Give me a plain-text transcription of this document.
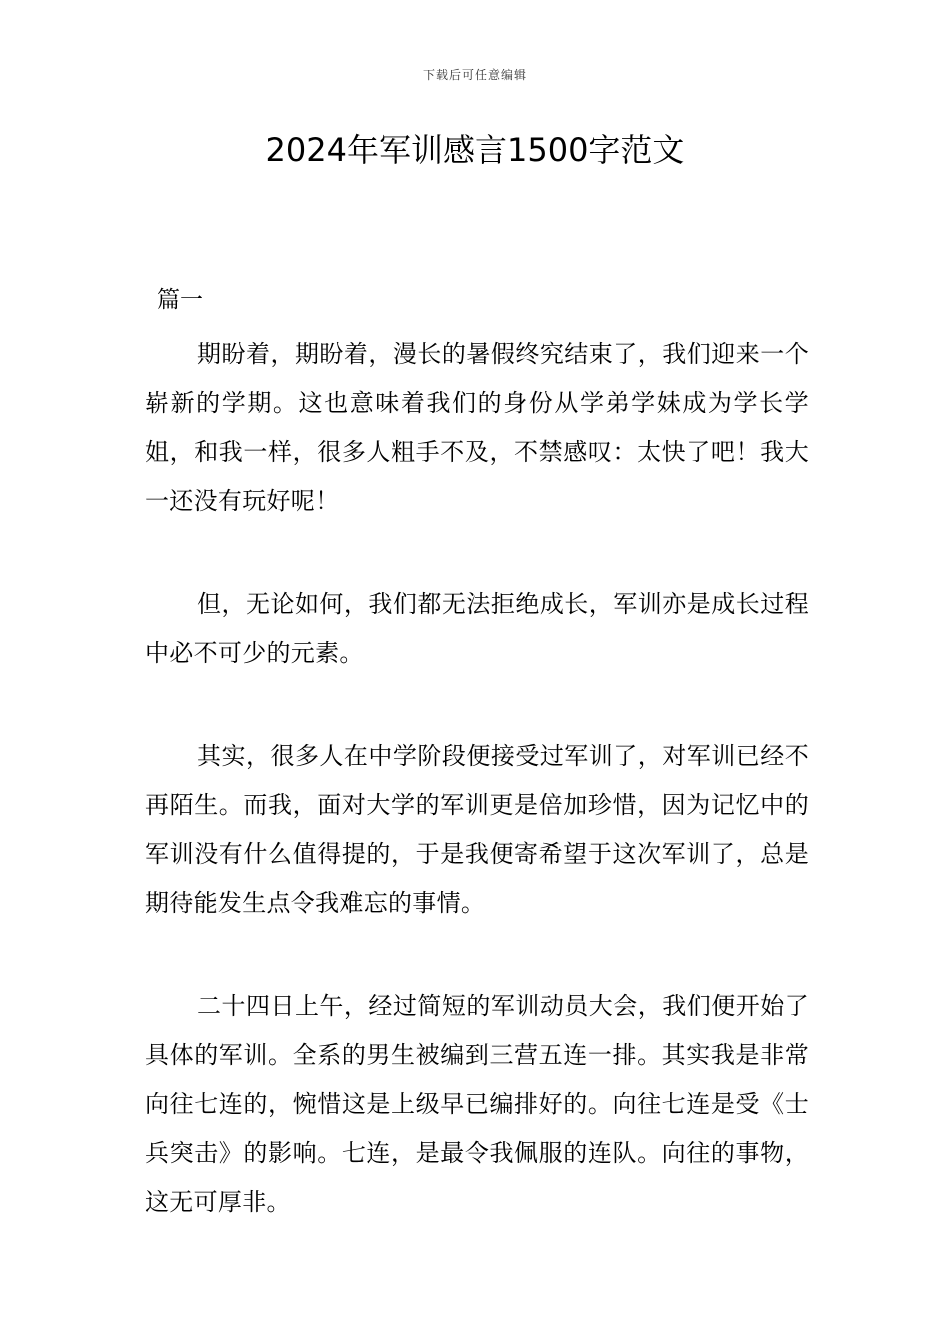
下载后可任意编辑
2024年军训感言1500字范文
篇一

期盼着，期盼着，漫长的暑假终究结束了，我们迎来一个崭新的学期。这也意味着我们的身份从学弟学妹成为学长学姐，和我一样，很多人粗手不及，不禁感叹：太快了吧！我大一还没有玩好呢！

但，无论如何，我们都无法拒绝成长，军训亦是成长过程中必不可少的元素。

其实，很多人在中学阶段便接受过军训了，对军训已经不再陌生。而我，面对大学的军训更是倍加珍惜，因为记忆中的军训没有什么值得提的，于是我便寄希望于这次军训了，总是期待能发生点令我难忘的事情。

二十四日上午，经过简短的军训动员大会，我们便开始了具体的军训。全系的男生被编到三营五连一排。其实我是非常向往七连的，惋惜这是上级早已编排好的。向往七连是受《士兵突击》的影响。七连，是最令我佩服的连队。向往的事物，这无可厚非。
